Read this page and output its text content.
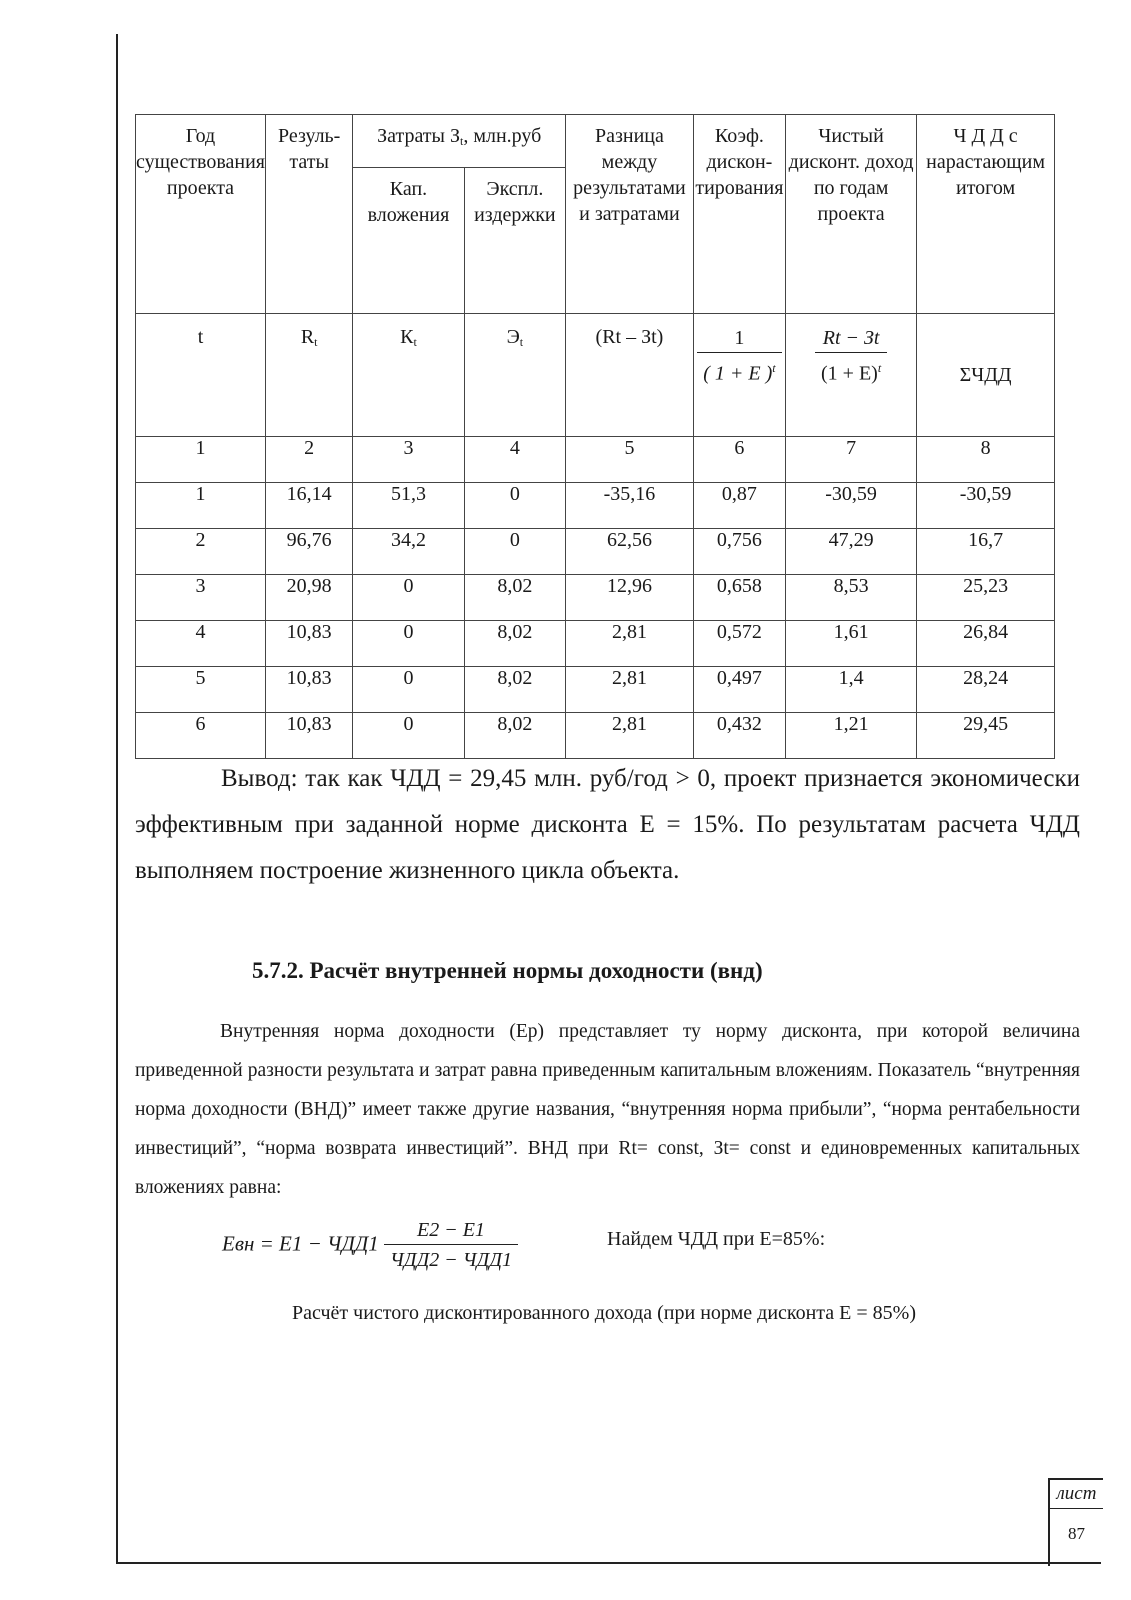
Год существования проекта	Резуль-таты	Затраты $З_t$, млн.руб		Разница между результатами и затратами	Коэф. дискон-тирования	Чистый дисконт. доход по годам проекта	Ч Д Д с нарастающим итогом
		Кап. вложения	Экспл. издержки				
t	$R_t$	$К_t$	$Э_t$	(Rt – Зt)	$\frac{1}{( 1 + E )^t}$	$\frac{Rt - Зt}{(1 + E)^t}$	ΣЧДД
1	2	3	4	5	6	7	8
1	16,14	51,3	0	-35,16	0,87	-30,59	-30,59
2	96,76	34,2	0	62,56	0,756	47,29	16,7
3	20,98	0	8,02	12,96	0,658	8,53	25,23
4	10,83	0	8,02	2,81	0,572	1,61	26,84
5	10,83	0	8,02	2,81	0,497	1,4	28,24
6	10,83	0	8,02	2,81	0,432	1,21	29,45
Вывод: так как ЧДД = 29,45 млн. руб/год > 0, проект признается экономически эффективным при заданной норме дисконта Е = 15%. По результатам расчета ЧДД выполняем построение жизненного цикла объекта.
5.7.2. Расчёт внутренней нормы доходности (внд)
Внутренняя норма доходности (Ер) представляет ту норму дисконта, при которой величина приведенной разности результата и затрат равна приведенным капитальным вложениям. Показатель “внутренняя норма доходности (ВНД)” имеет также другие названия, “внутренняя норма прибыли”, “норма рентабельности инвестиций”, “норма возврата инвестиций”. ВНД при Rt= const, Зt= const и единовременных капитальных вложениях равна:
Eвн = $E1 - ЧДД1 \frac{E2 - E1}{\text{ЧДД2 − ЧДД1}}$	Найдем ЧДД при Е=85%:
Расчёт чистого дисконтированного дохода (при норме дисконта Е = 85%)
лист
87
